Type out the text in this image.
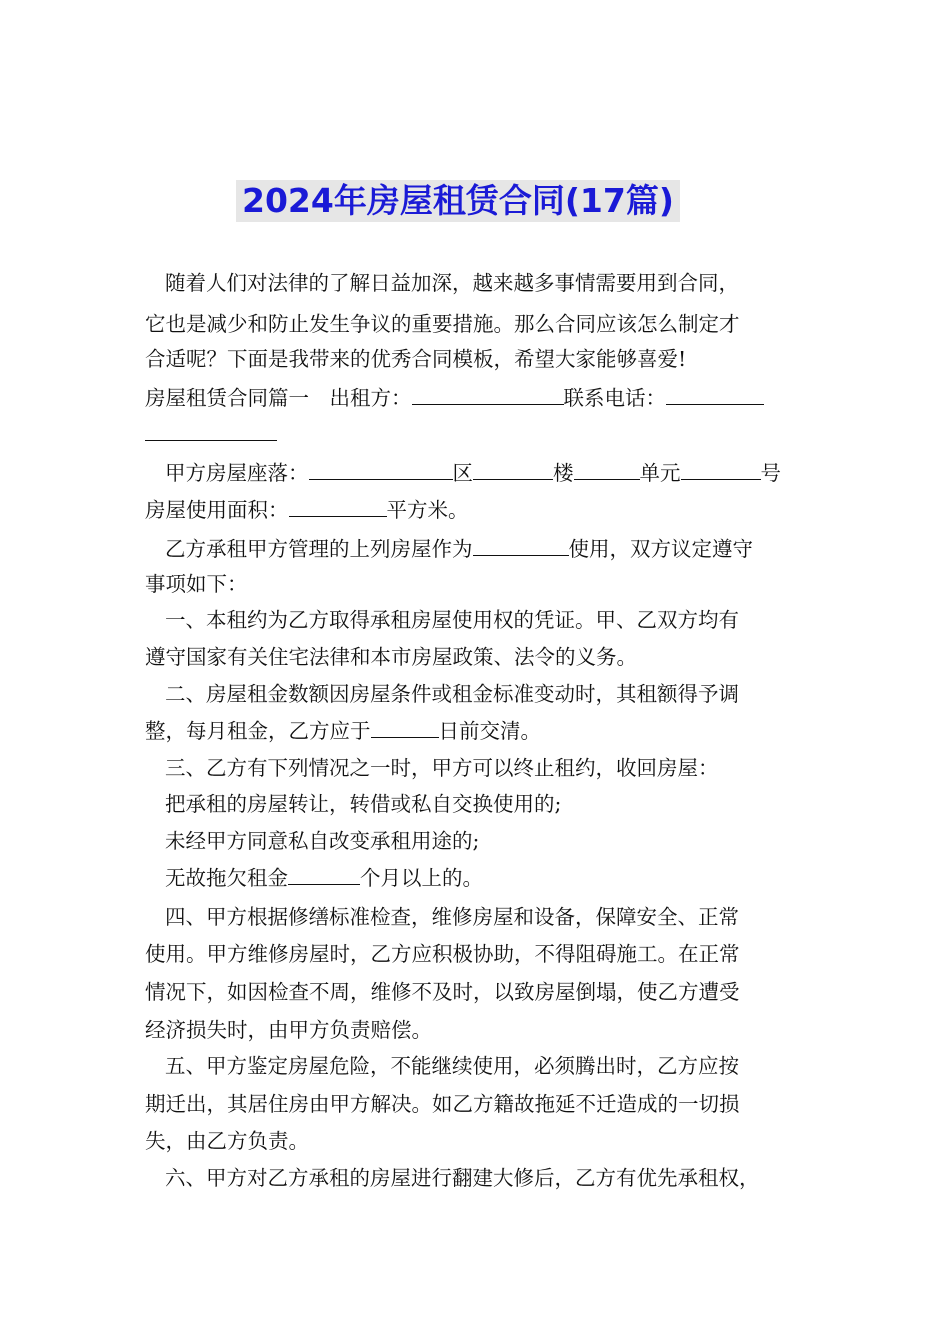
2024年房屋租赁合同(17篇)
随着人们对法律的了解日益加深，越来越多事情需要用到合同，
它也是减少和防止发生争议的重要措施。那么合同应该怎么制定才
合适呢？下面是我带来的优秀合同模板，希望大家能够喜爱!
房屋租赁合同篇一　出租方：	联系电话：
甲方房屋座落：	区	楼	单元	号
房屋使用面积：	平方米。
乙方承租甲方管理的上列房屋作为	使用，双方议定遵守
事项如下：
一、本租约为乙方取得承租房屋使用权的凭证。甲、乙双方均有
遵守国家有关住宅法律和本市房屋政策、法令的义务。
二、房屋租金数额因房屋条件或租金标准变动时，其租额得予调
整，每月租金，乙方应于	日前交清。
三、乙方有下列情况之一时，甲方可以终止租约，收回房屋：
把承租的房屋转让，转借或私自交换使用的;
未经甲方同意私自改变承租用途的;
无故拖欠租金	个月以上的。
四、甲方根据修缮标准检查，维修房屋和设备，保障安全、正常
使用。甲方维修房屋时，乙方应积极协助，不得阻碍施工。在正常
情况下，如因检查不周，维修不及时，以致房屋倒塌，使乙方遭受
经济损失时，由甲方负责赔偿。
五、甲方鉴定房屋危险，不能继续使用，必须腾出时，乙方应按
期迁出，其居住房由甲方解决。如乙方籍故拖延不迁造成的一切损
失，由乙方负责。
六、甲方对乙方承租的房屋进行翻建大修后，乙方有优先承租权，
